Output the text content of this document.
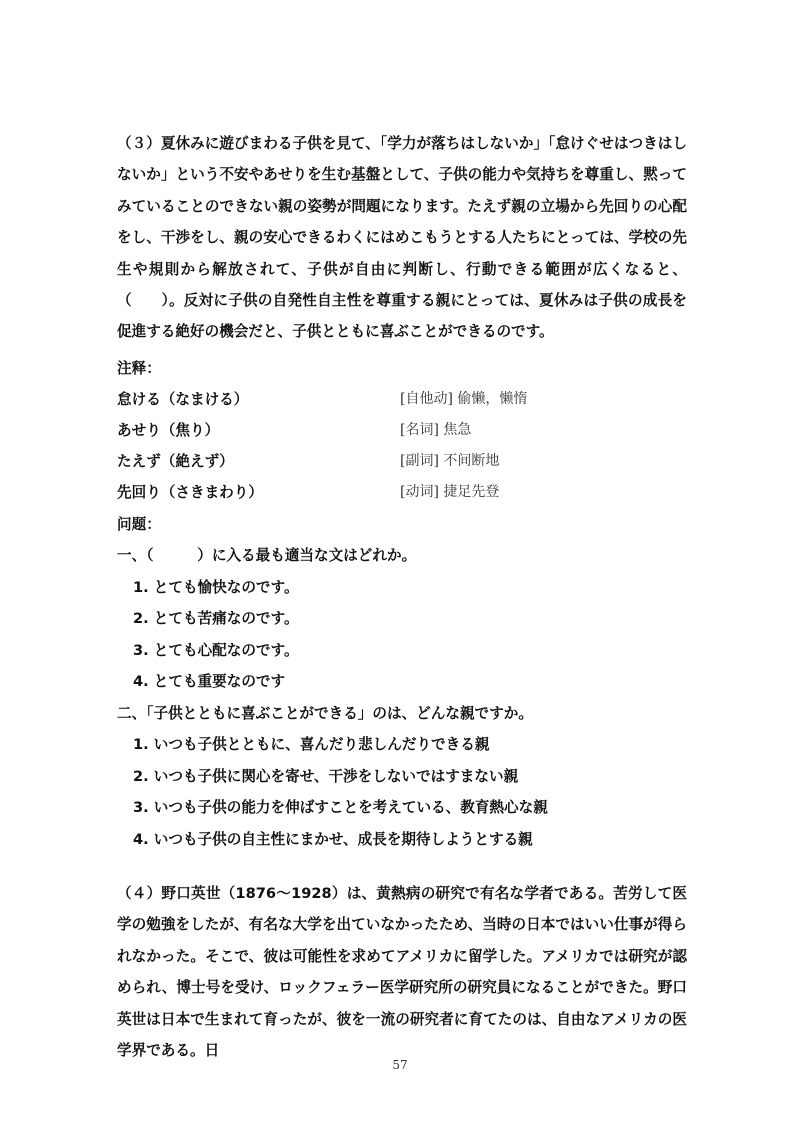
（３）夏休みに遊びまわる子供を見て、「学力が落ちはしないか」「怠けぐせはつきはしないか」という不安やあせりを生む基盤として、子供の能力や気持ちを尊重し、黙ってみていることのできない親の姿勢が問題になります。たえず親の立場から先回りの心配をし、干渉をし、親の安心できるわくにはめこもうとする人たちにとっては、学校の先生や規則から解放されて、子供が自由に判断し、行動できる範囲が広くなると、（　　）。反対に子供の自発性自主性を尊重する親にとっては、夏休みは子供の成長を促進する絶好の機会だと、子供とともに喜ぶことができるのです。

注释：

怠ける（なまける）	[自他动] 偷懒，懒惰
あせり（焦り）	[名词] 焦急
たえず（絶えず）	[副词] 不间断地
先回り（さきまわり）	[动词] 捷足先登

问题：

一、（　　　）に入る最も適当な文はどれか。

1. とても愉快なのです。

2. とても苦痛なのです。

3. とても心配なのです。

4. とても重要なのです

二、「子供とともに喜ぶことができる」のは、どんな親ですか。

1. いつも子供とともに、喜んだり悲しんだりできる親

2. いつも子供に関心を寄せ、干渉をしないではすまない親

3. いつも子供の能力を伸ばすことを考えている、教育熱心な親

4. いつも子供の自主性にまかせ、成長を期待しようとする親

（４）野口英世（1876～1928）は、黄熱病の研究で有名な学者である。苦労して医学の勉強をしたが、有名な大学を出ていなかったため、当時の日本ではいい仕事が得られなかった。そこで、彼は可能性を求めてアメリカに留学した。アメリカでは研究が認められ、博士号を受け、ロックフェラー医学研究所の研究員になることができた。野口英世は日本で生まれて育ったが、彼を一流の研究者に育てたのは、自由なアメリカの医学界である。日

57
